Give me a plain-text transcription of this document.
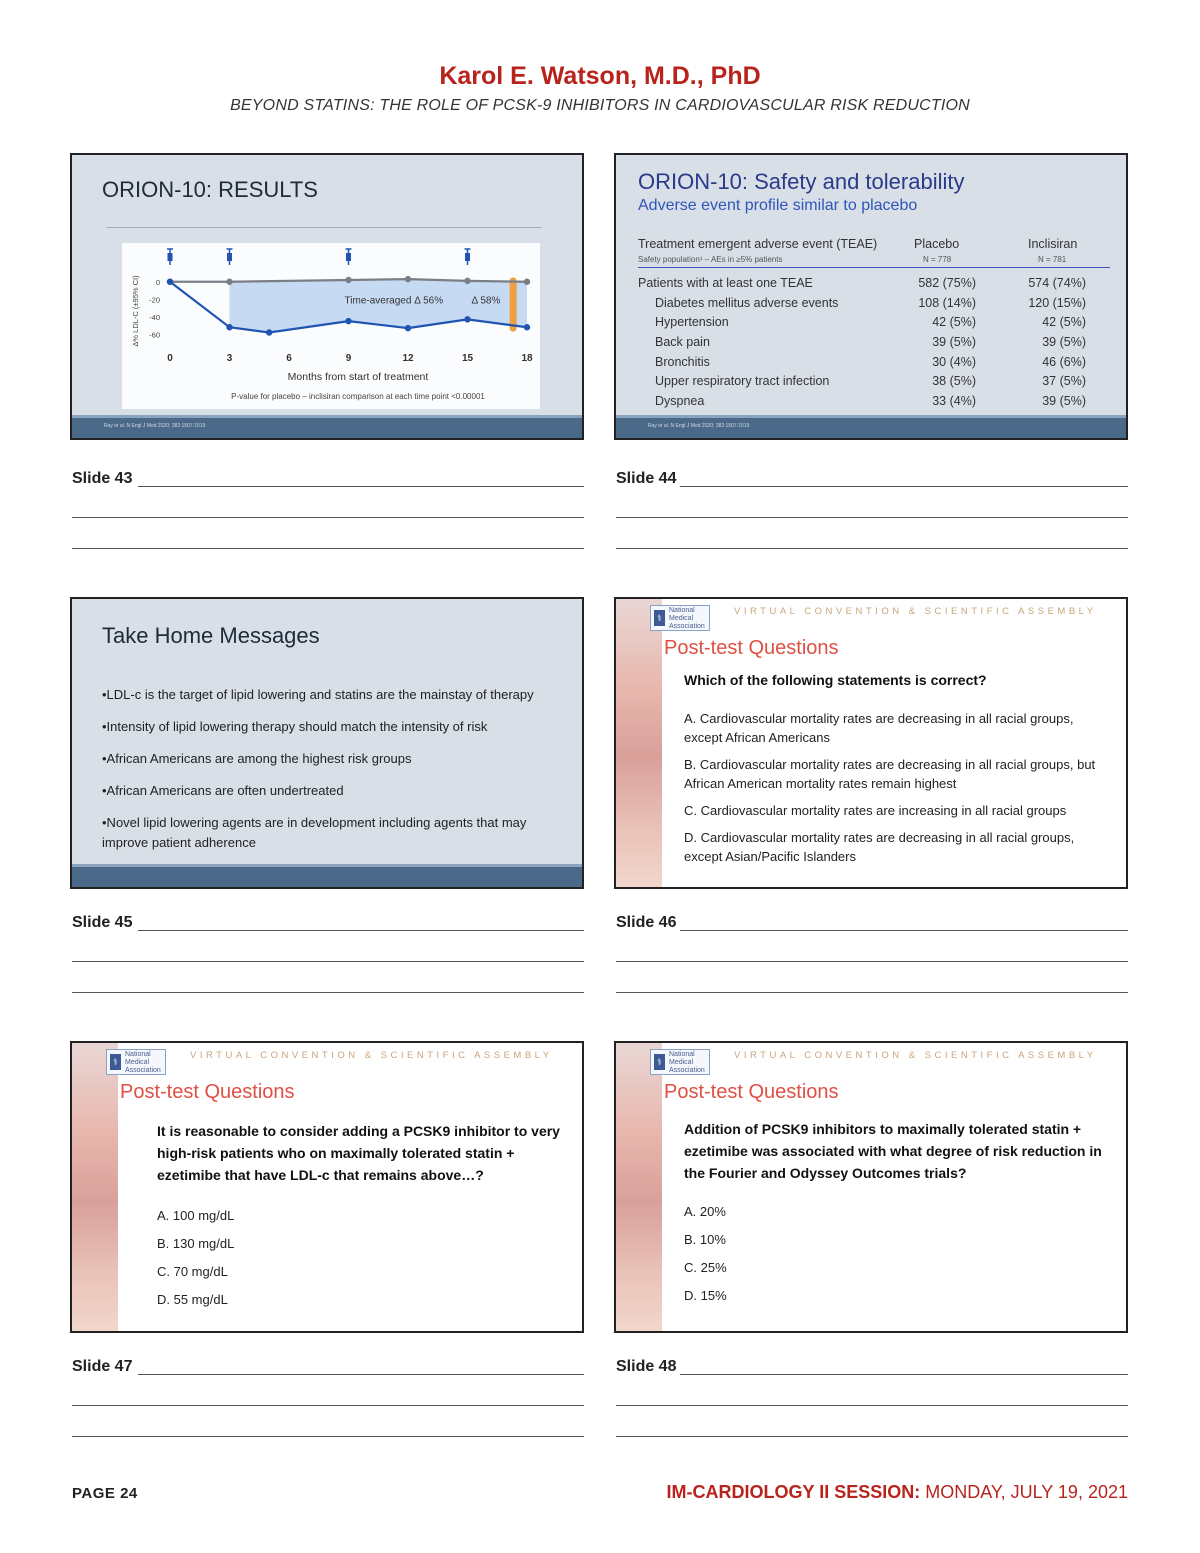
Karol E. Watson, M.D., PhD
BEYOND STATINS: THE ROLE OF PCSK-9 INHIBITORS IN CARDIOVASCULAR RISK REDUCTION
ORION-10: RESULTS
0
-20
-40
-60
0	3	6	9	12	15	18
Time-averaged Δ 56%	Δ 58%
Months from start of treatment
P-value for placebo – inclisiran comparison at each time point <0.00001
Δ% LDL-C (±95% CI)
Ray et al. N Engl J Med 2020; 382:1507-1519
Slide 43
ORION-10: Safety and tolerability
Adverse event profile similar to placebo
Treatment emergent adverse event (TEAE)	Placebo	Inclisiran
Safety population¹ – AEs in ≥5% patients	N = 778	N = 781
Patients with at least one TEAE	582 (75%)	574 (74%)
Diabetes mellitus adverse events	108 (14%)	120 (15%)
Hypertension	42 (5%)	42 (5%)
Back pain	39 (5%)	39 (5%)
Bronchitis	30 (4%)	46 (6%)
Upper respiratory tract infection	38 (5%)	37 (5%)
Dyspnea	33 (4%)	39 (5%)
Ray et al. N Engl J Med 2020; 382:1507-1519
Slide 44
Take Home Messages
•LDL-c is the target of lipid lowering and statins are the mainstay of therapy
•Intensity of lipid lowering therapy should match the intensity of risk
•African Americans are among the highest risk groups
•African Americans are often undertreated
•Novel lipid lowering agents are in development including agents that may improve patient adherence
Slide 45
⚕
National
Medical
Association
VIRTUAL CONVENTION & SCIENTIFIC ASSEMBLY
Post-test Questions
Which of the following statements is correct?
A. Cardiovascular mortality rates are decreasing in all racial groups, except African Americans
B. Cardiovascular mortality rates are decreasing in all racial groups, but African American mortality rates remain highest
C. Cardiovascular mortality rates are increasing in all racial groups
D. Cardiovascular mortality rates are decreasing in all racial groups, except Asian/Pacific Islanders
Slide 46
⚕
National
Medical
Association
VIRTUAL CONVENTION & SCIENTIFIC ASSEMBLY
Post-test Questions
It is reasonable to consider adding a PCSK9 inhibitor to very high-risk patients who on maximally tolerated statin + ezetimibe that have LDL-c that remains above…?
A. 100 mg/dL
B. 130 mg/dL
C. 70 mg/dL
D. 55 mg/dL
Slide 47
⚕
National
Medical
Association
VIRTUAL CONVENTION & SCIENTIFIC ASSEMBLY
Post-test Questions
Addition of PCSK9 inhibitors to maximally tolerated statin + ezetimibe was associated with what degree of risk reduction in the Fourier and Odyssey Outcomes trials?
A. 20%
B. 10%
C. 25%
D. 15%
Slide 48
PAGE 24	IM-CARDIOLOGY II SESSION: MONDAY, JULY 19, 2021
